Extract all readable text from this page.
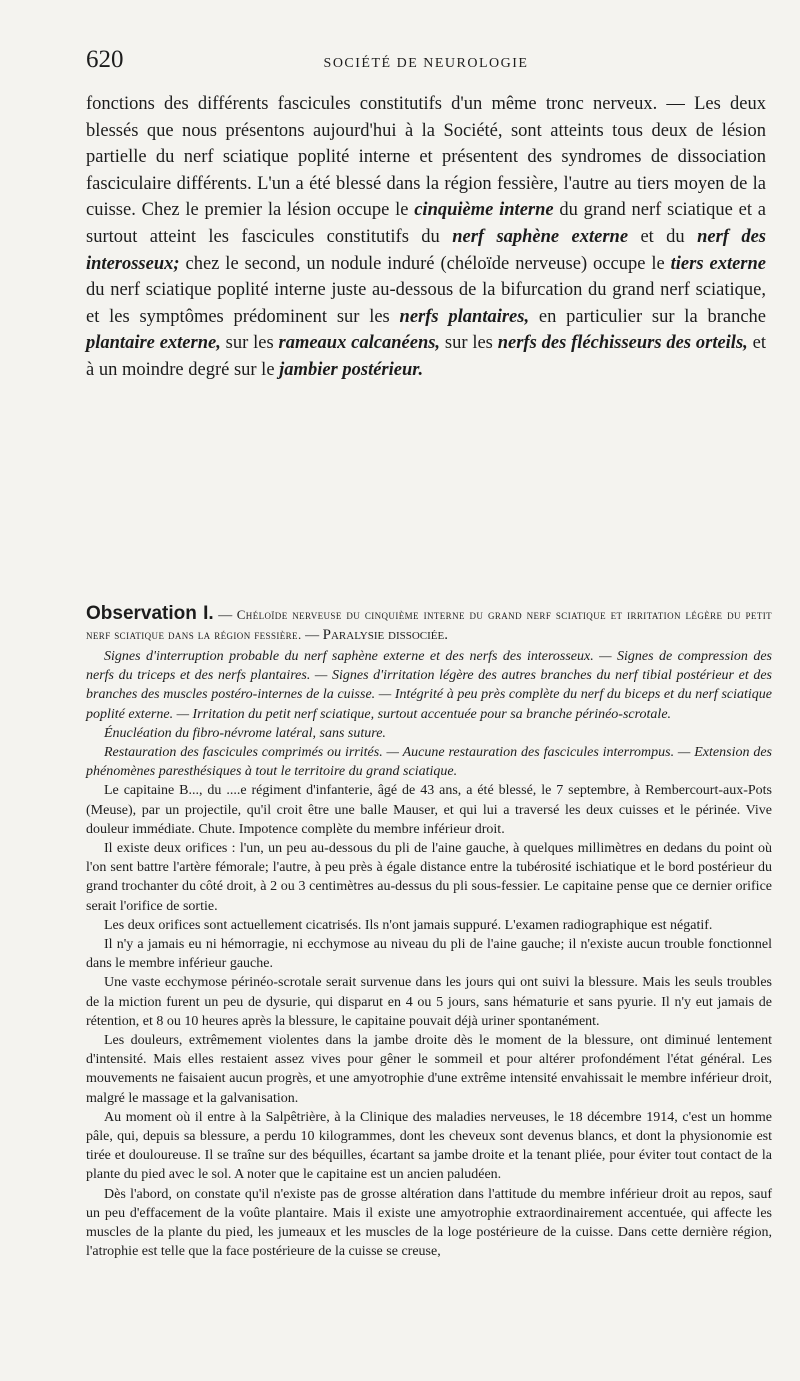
620	SOCIÉTÉ DE NEUROLOGIE

fonctions des différents fascicules constitutifs d'un même tronc nerveux. — Les deux blessés que nous présentons aujourd'hui à la Société, sont atteints tous deux de lésion partielle du nerf sciatique poplité interne et présentent des syndromes de dissociation fasciculaire différents. L'un a été blessé dans la région fessière, l'autre au tiers moyen de la cuisse. Chez le premier la lésion occupe le cinquième interne du grand nerf sciatique et a surtout atteint les fascicules constitutifs du nerf saphène externe et du nerf des interosseux; chez le second, un nodule induré (chéloïde nerveuse) occupe le tiers externe du nerf sciatique poplité interne juste au-dessous de la bifurcation du grand nerf sciatique, et les symptômes prédominent sur les nerfs plantaires, en particulier sur la branche plantaire externe, sur les rameaux calcanéens, sur les nerfs des fléchisseurs des orteils, et à un moindre degré sur le jambier postérieur.

Observation I. — Chéloïde nerveuse du cinquième interne du grand nerf sciatique et irritation légère du petit nerf sciatique dans la région fessière. — Paralysie dissociée.

Signes d'interruption probable du nerf saphène externe et des nerfs des interosseux. — Signes de compression des nerfs du triceps et des nerfs plantaires. — Signes d'irritation légère des autres branches du nerf tibial postérieur et des branches des muscles postéro-internes de la cuisse. — Intégrité à peu près complète du nerf du biceps et du nerf sciatique poplité externe. — Irritation du petit nerf sciatique, surtout accentuée pour sa branche périnéo-scrotale.

Énucléation du fibro-névrome latéral, sans suture.

Restauration des fascicules comprimés ou irrités. — Aucune restauration des fascicules interrompus. — Extension des phénomènes paresthésiques à tout le territoire du grand sciatique.

Le capitaine B..., du ....e régiment d'infanterie, âgé de 43 ans, a été blessé, le 7 septembre, à Rembercourt-aux-Pots (Meuse), par un projectile, qu'il croit être une balle Mauser, et qui lui a traversé les deux cuisses et le périnée. Vive douleur immédiate. Chute. Impotence complète du membre inférieur droit.

Il existe deux orifices : l'un, un peu au-dessous du pli de l'aine gauche, à quelques millimètres en dedans du point où l'on sent battre l'artère fémorale; l'autre, à peu près à égale distance entre la tubérosité ischiatique et le bord postérieur du grand trochanter du côté droit, à 2 ou 3 centimètres au-dessus du pli sous-fessier. Le capitaine pense que ce dernier orifice serait l'orifice de sortie.

Les deux orifices sont actuellement cicatrisés. Ils n'ont jamais suppuré. L'examen radiographique est négatif.

Il n'y a jamais eu ni hémorragie, ni ecchymose au niveau du pli de l'aine gauche; il n'existe aucun trouble fonctionnel dans le membre inférieur gauche.

Une vaste ecchymose périnéo-scrotale serait survenue dans les jours qui ont suivi la blessure. Mais les seuls troubles de la miction furent un peu de dysurie, qui disparut en 4 ou 5 jours, sans hématurie et sans pyurie. Il n'y eut jamais de rétention, et 8 ou 10 heures après la blessure, le capitaine pouvait déjà uriner spontanément.

Les douleurs, extrêmement violentes dans la jambe droite dès le moment de la blessure, ont diminué lentement d'intensité. Mais elles restaient assez vives pour gêner le sommeil et pour altérer profondément l'état général. Les mouvements ne faisaient aucun progrès, et une amyotrophie d'une extrême intensité envahissait le membre inférieur droit, malgré le massage et la galvanisation.

Au moment où il entre à la Salpêtrière, à la Clinique des maladies nerveuses, le 18 décembre 1914, c'est un homme pâle, qui, depuis sa blessure, a perdu 10 kilogrammes, dont les cheveux sont devenus blancs, et dont la physionomie est tirée et douloureuse. Il se traîne sur des béquilles, écartant sa jambe droite et la tenant pliée, pour éviter tout contact de la plante du pied avec le sol. A noter que le capitaine est un ancien paludéen.

Dès l'abord, on constate qu'il n'existe pas de grosse altération dans l'attitude du membre inférieur droit au repos, sauf un peu d'effacement de la voûte plantaire. Mais il existe une amyotrophie extraordinairement accentuée, qui affecte les muscles de la plante du pied, les jumeaux et les muscles de la loge postérieure de la cuisse. Dans cette dernière région, l'atrophie est telle que la face postérieure de la cuisse se creuse,
